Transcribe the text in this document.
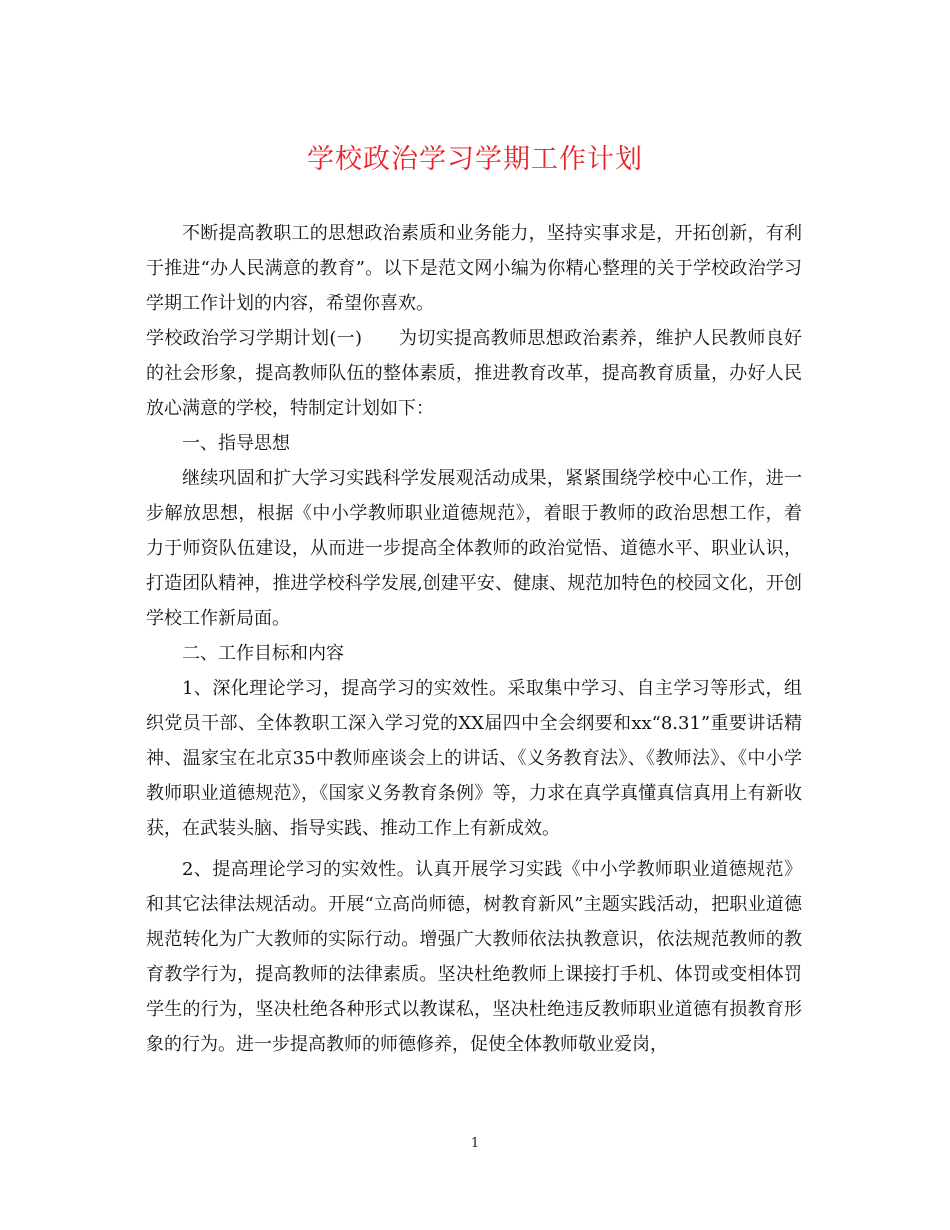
学校政治学习学期工作计划

不断提高教职工的思想政治素质和业务能力，坚持实事求是，开拓创新，有利于推进“办人民满意的教育”。以下是范文网小编为你精心整理的关于学校政治学习学期工作计划的内容，希望你喜欢。

学校政治学习学期计划(一)　　为切实提高教师思想政治素养，维护人民教师良好的社会形象，提高教师队伍的整体素质，推进教育改革，提高教育质量，办好人民放心满意的学校，特制定计划如下：

一、指导思想

继续巩固和扩大学习实践科学发展观活动成果，紧紧围绕学校中心工作，进一步解放思想，根据《中小学教师职业道德规范》，着眼于教师的政治思想工作，着力于师资队伍建设，从而进一步提高全体教师的政治觉悟、道德水平、职业认识，打造团队精神，推进学校科学发展,创建平安、健康、规范加特色的校园文化，开创学校工作新局面。

二、工作目标和内容

1、深化理论学习，提高学习的实效性。采取集中学习、自主学习等形式，组织党员干部、全体教职工深入学习党的XX届四中全会纲要和xx“8.31”重要讲话精神、温家宝在北京35中教师座谈会上的讲话、《义务教育法》、《教师法》、《中小学教师职业道德规范》，《国家义务教育条例》等，力求在真学真懂真信真用上有新收获，在武装头脑、指导实践、推动工作上有新成效。

2、提高理论学习的实效性。认真开展学习实践《中小学教师职业道德规范》和其它法律法规活动。开展“立高尚师德，树教育新风”主题实践活动，把职业道德规范转化为广大教师的实际行动。增强广大教师依法执教意识，依法规范教师的教育教学行为，提高教师的法律素质。坚决杜绝教师上课接打手机、体罚或变相体罚学生的行为，坚决杜绝各种形式以教谋私，坚决杜绝违反教师职业道德有损教育形象的行为。进一步提高教师的师德修养，促使全体教师敬业爱岗，

1
